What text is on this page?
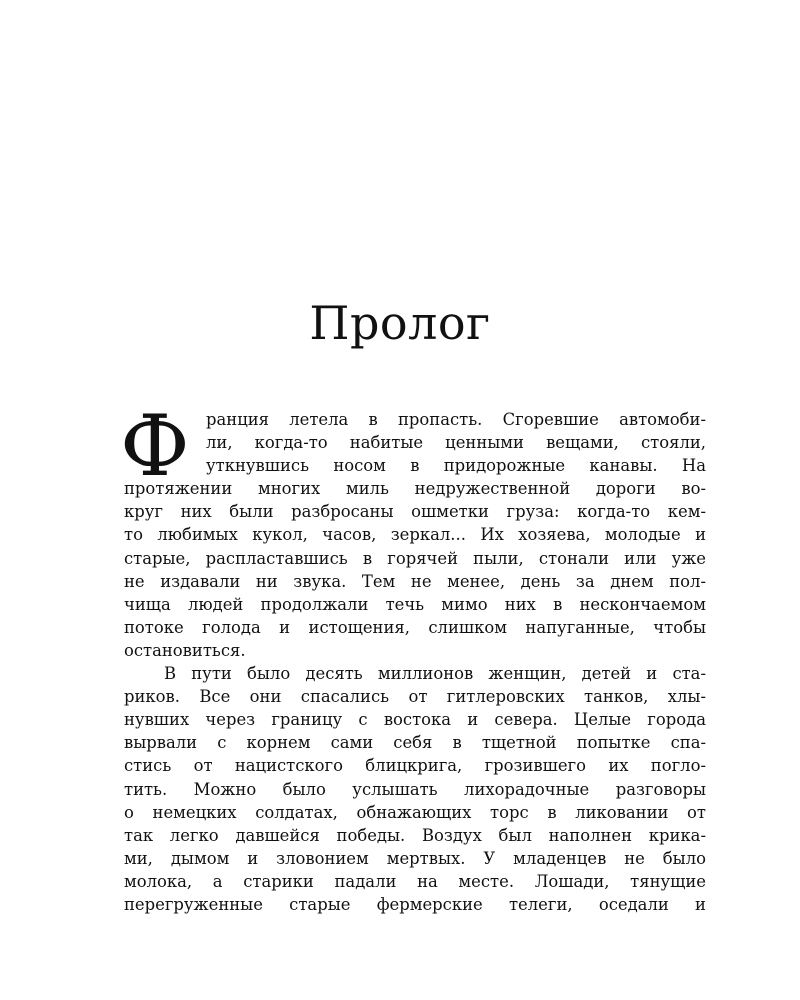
Пролог
Ф ранция летела в пропасть. Сгоревшие автомоби-
ли, когда-то набитые ценными вещами, стояли,
уткнувшись носом в придорожные канавы. На
протяжении многих миль недружественной дороги во-
круг них были разбросаны ошметки груза: когда-то кем-
то любимых кукол, часов, зеркал... Их хозяева, молодые и
старые, распластавшись в горячей пыли, стонали или уже
не издавали ни звука. Тем не менее, день за днем пол-
чища людей продолжали течь мимо них в нескончаемом
потоке голода и истощения, слишком напуганные, чтобы
остановиться.
В пути было десять миллионов женщин, детей и ста-
риков. Все они спасались от гитлеровских танков, хлы-
нувших через границу с востока и севера. Целые города
вырвали с корнем сами себя в тщетной попытке спа-
стись от нацистского блицкрига, грозившего их погло-
тить. Можно было услышать лихорадочные разговоры
о немецких солдатах, обнажающих торс в ликовании от
так легко давшейся победы. Воздух был наполнен крика-
ми, дымом и зловонием мертвых. У младенцев не было
молока, а старики падали на месте. Лошади, тянущие
перегруженные старые фермерские телеги, оседали и
